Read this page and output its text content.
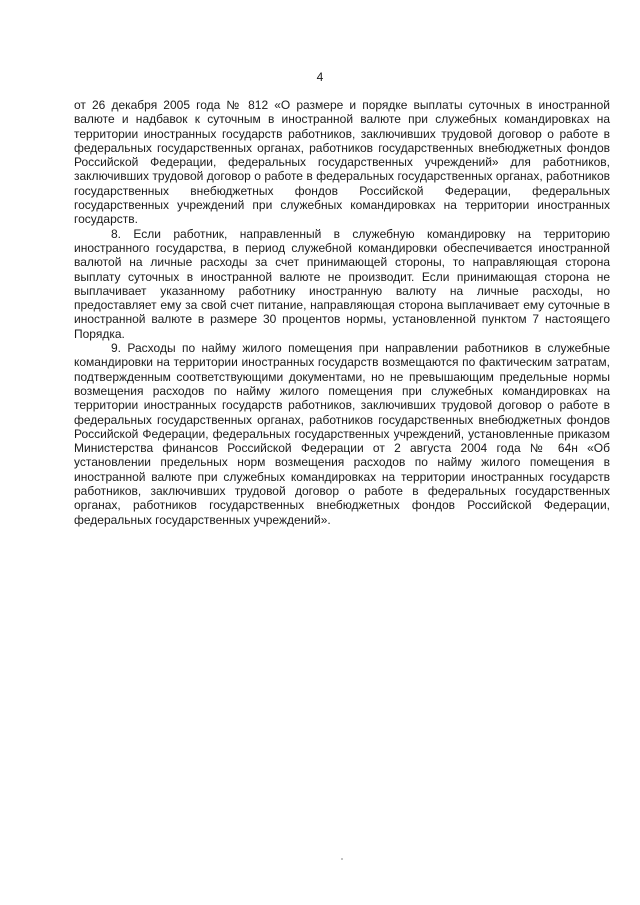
4

от 26 декабря 2005 года № 812 «О размере и порядке выплаты суточных в иностранной валюте и надбавок к суточным в иностранной валюте при служебных командировках на территории иностранных государств работников, заключивших трудовой договор о работе в федеральных государственных органах, работников государственных внебюджетных фондов Российской Федерации, федеральных государственных учреждений» для работников, заключивших трудовой договор о работе в федеральных государственных органах, работников государственных внебюджетных фондов Российской Федерации, федеральных государственных учреждений при служебных командировках на территории иностранных государств.

8. Если работник, направленный в служебную командировку на территорию иностранного государства, в период служебной командировки обеспечивается иностранной валютой на личные расходы за счет принимающей стороны, то направляющая сторона выплату суточных в иностранной валюте не производит. Если принимающая сторона не выплачивает указанному работнику иностранную валюту на личные расходы, но предоставляет ему за свой счет питание, направляющая сторона выплачивает ему суточные в иностранной валюте в размере 30 процентов нормы, установленной пунктом 7 настоящего Порядка.

9. Расходы по найму жилого помещения при направлении работников в служебные командировки на территории иностранных государств возмещаются по фактическим затратам, подтвержденным соответствующими документами, но не превышающим предельные нормы возмещения расходов по найму жилого помещения при служебных командировках на территории иностранных государств работников, заключивших трудовой договор о работе в федеральных государственных органах, работников государственных внебюджетных фондов Российской Федерации, федеральных государственных учреждений, установленные приказом Министерства финансов Российской Федерации от 2 августа 2004 года № 64н «Об установлении предельных норм возмещения расходов по найму жилого помещения в иностранной валюте при служебных командировках на территории иностранных государств работников, заключивших трудовой договор о работе в федеральных государственных органах, работников государственных внебюджетных фондов Российской Федерации, федеральных государственных учреждений».
